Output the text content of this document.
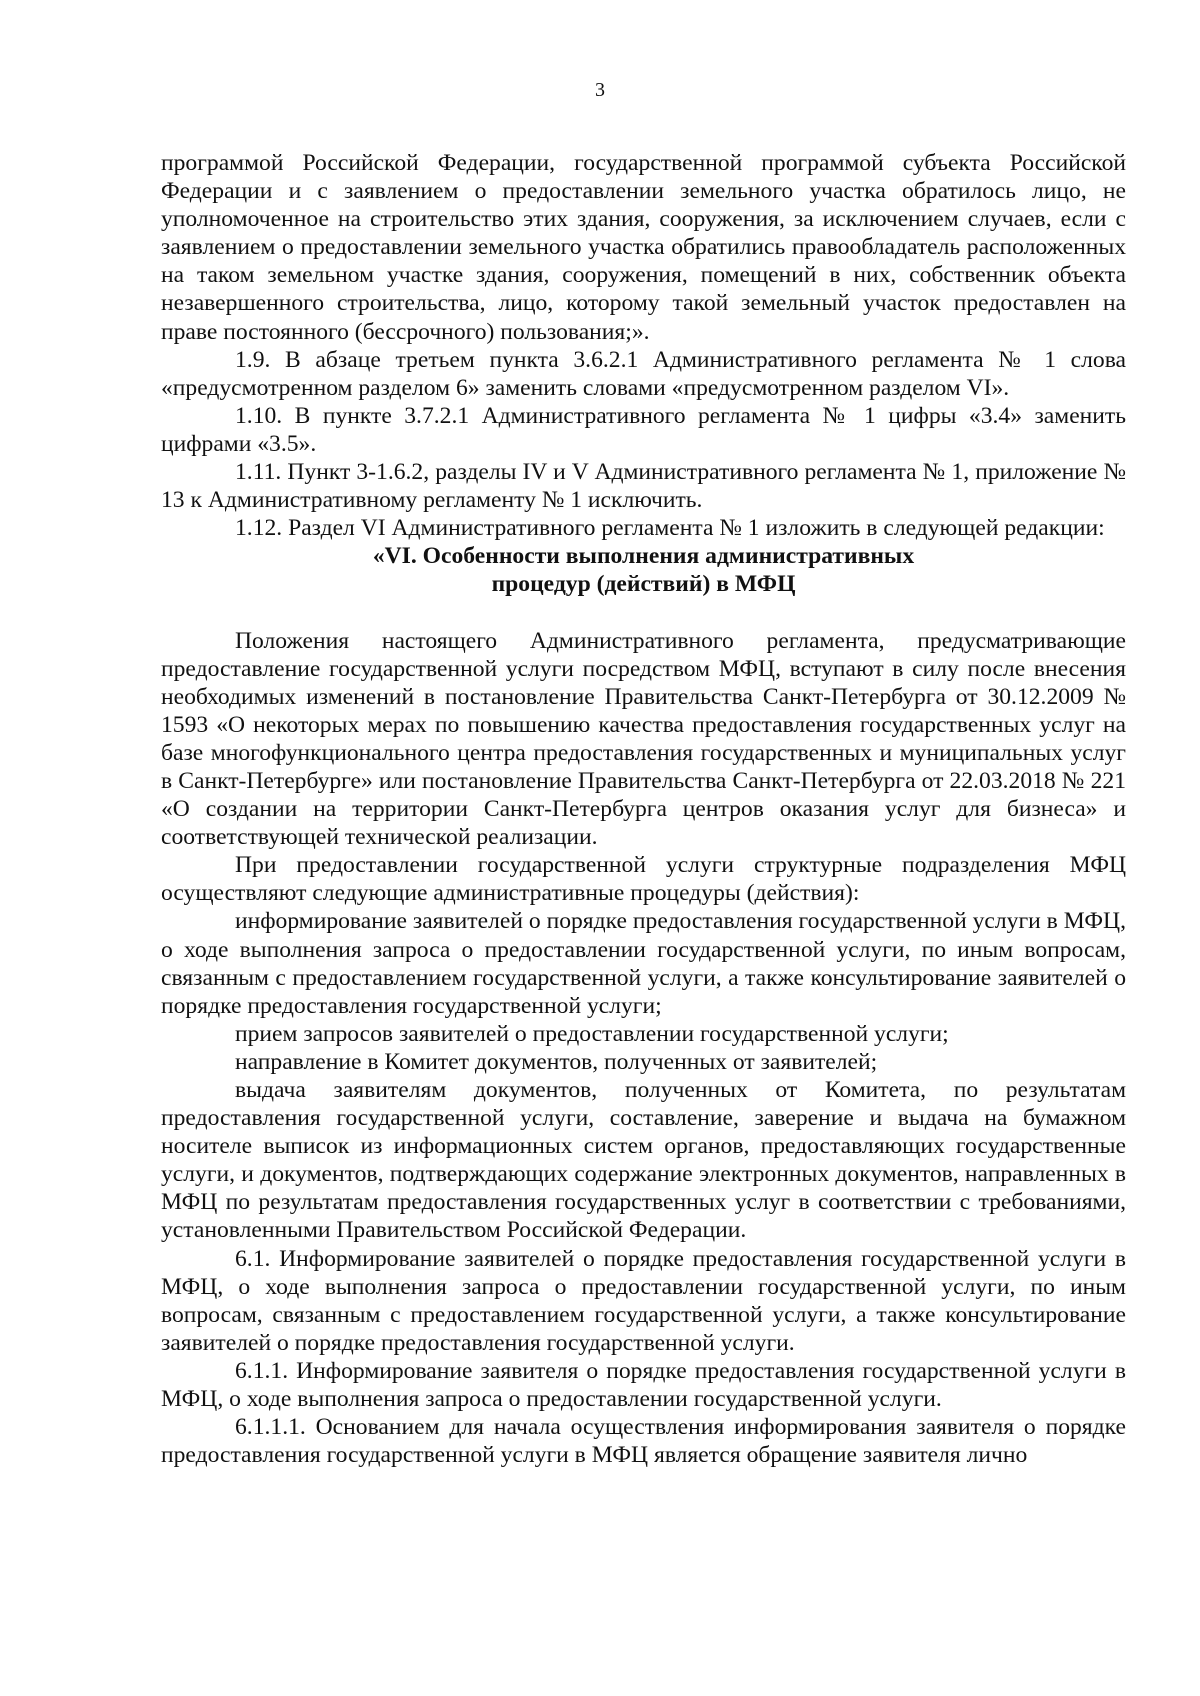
3

программой Российской Федерации, государственной программой субъекта Российской Федерации и с заявлением о предоставлении земельного участка обратилось лицо, не уполномоченное на строительство этих здания, сооружения, за исключением случаев, если с заявлением о предоставлении земельного участка обратились правообладатель расположенных на таком земельном участке здания, сооружения, помещений в них, собственник объекта незавершенного строительства, лицо, которому такой земельный участок предоставлен на праве постоянного (бессрочного) пользования;».

1.9. В абзаце третьем пункта 3.6.2.1 Административного регламента № 1 слова «предусмотренном разделом 6» заменить словами «предусмотренном разделом VI».

1.10. В пункте 3.7.2.1 Административного регламента № 1 цифры «3.4» заменить цифрами «3.5».

1.11. Пункт 3-1.6.2, разделы IV и V Административного регламента № 1, приложение № 13 к Административному регламенту № 1 исключить.

1.12. Раздел VI Административного регламента № 1 изложить в следующей редакции:

«VI. Особенности выполнения административных
процедур (действий) в МФЦ

Положения настоящего Административного регламента, предусматривающие предоставление государственной услуги посредством МФЦ, вступают в силу после внесения необходимых изменений в постановление Правительства Санкт-Петербурга от 30.12.2009 № 1593 «О некоторых мерах по повышению качества предоставления государственных услуг на базе многофункционального центра предоставления государственных и муниципальных услуг в Санкт-Петербурге» или постановление Правительства Санкт-Петербурга от 22.03.2018 № 221 «О создании на территории Санкт-Петербурга центров оказания услуг для бизнеса» и соответствующей технической реализации.

При предоставлении государственной услуги структурные подразделения МФЦ осуществляют следующие административные процедуры (действия):

информирование заявителей о порядке предоставления государственной услуги в МФЦ, о ходе выполнения запроса о предоставлении государственной услуги, по иным вопросам, связанным с предоставлением государственной услуги, а также консультирование заявителей о порядке предоставления государственной услуги;

прием запросов заявителей о предоставлении государственной услуги;

направление в Комитет документов, полученных от заявителей;

выдача заявителям документов, полученных от Комитета, по результатам предоставления государственной услуги, составление, заверение и выдача на бумажном носителе выписок из информационных систем органов, предоставляющих государственные услуги, и документов, подтверждающих содержание электронных документов, направленных в МФЦ по результатам предоставления государственных услуг в соответствии с требованиями, установленными Правительством Российской Федерации.

6.1. Информирование заявителей о порядке предоставления государственной услуги в МФЦ, о ходе выполнения запроса о предоставлении государственной услуги, по иным вопросам, связанным с предоставлением государственной услуги, а также консультирование заявителей о порядке предоставления государственной услуги.

6.1.1. Информирование заявителя о порядке предоставления государственной услуги в МФЦ, о ходе выполнения запроса о предоставлении государственной услуги.

6.1.1.1. Основанием для начала осуществления информирования заявителя о порядке предоставления государственной услуги в МФЦ является обращение заявителя лично
